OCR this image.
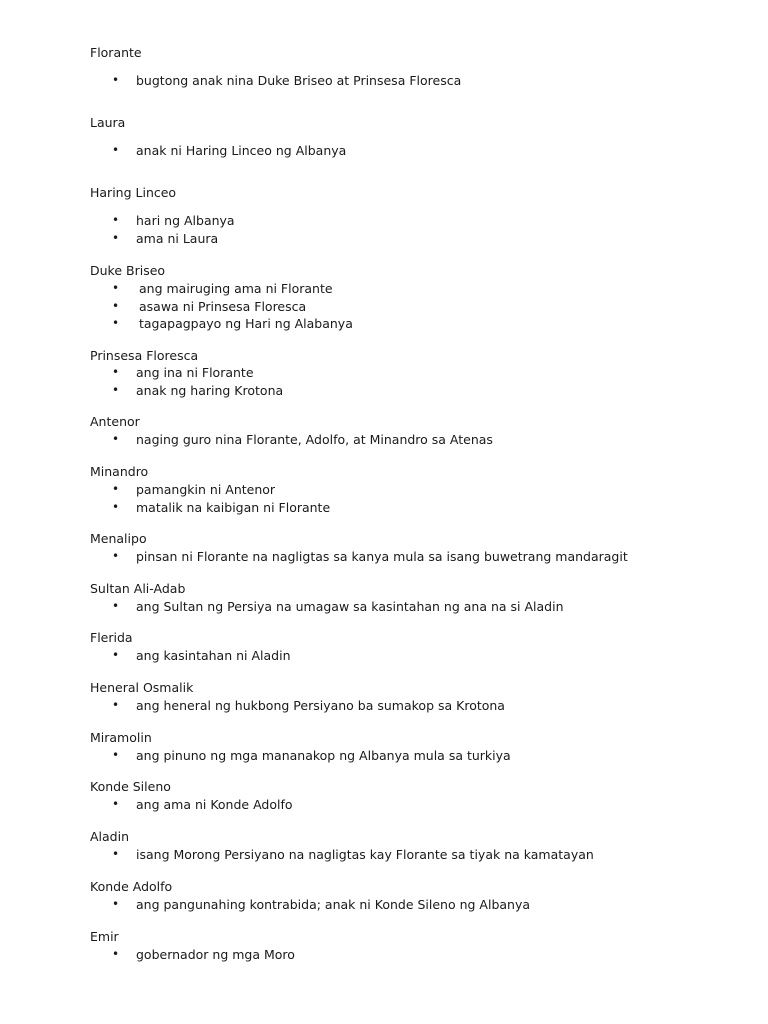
Florante
• bugtong anak nina Duke Briseo at Prinsesa Floresca
Laura
• anak ni Haring Linceo ng Albanya
Haring Linceo
• hari ng Albanya
• ama ni Laura
Duke Briseo
• ang mairuging ama ni Florante
• asawa ni Prinsesa Floresca
• tagapagpayo ng Hari ng Alabanya
Prinsesa Floresca
• ang ina ni Florante
• anak ng haring Krotona
Antenor
• naging guro nina Florante, Adolfo, at Minandro sa Atenas
Minandro
• pamangkin ni Antenor
• matalik na kaibigan ni Florante
Menalipo
• pinsan ni Florante na nagligtas sa kanya mula sa isang buwetrang mandaragit
Sultan Ali-Adab
• ang Sultan ng Persiya na umagaw sa kasintahan ng ana na si Aladin
Flerida
• ang kasintahan ni Aladin
Heneral Osmalik
• ang heneral ng hukbong Persiyano ba sumakop sa Krotona
Miramolin
• ang pinuno ng mga mananakop ng Albanya mula sa turkiya
Konde Sileno
• ang ama ni Konde Adolfo
Aladin
• isang Morong Persiyano na nagligtas kay Florante sa tiyak na kamatayan
Konde Adolfo
• ang pangunahing kontrabida; anak ni Konde Sileno ng Albanya
Emir
• gobernador ng mga Moro
